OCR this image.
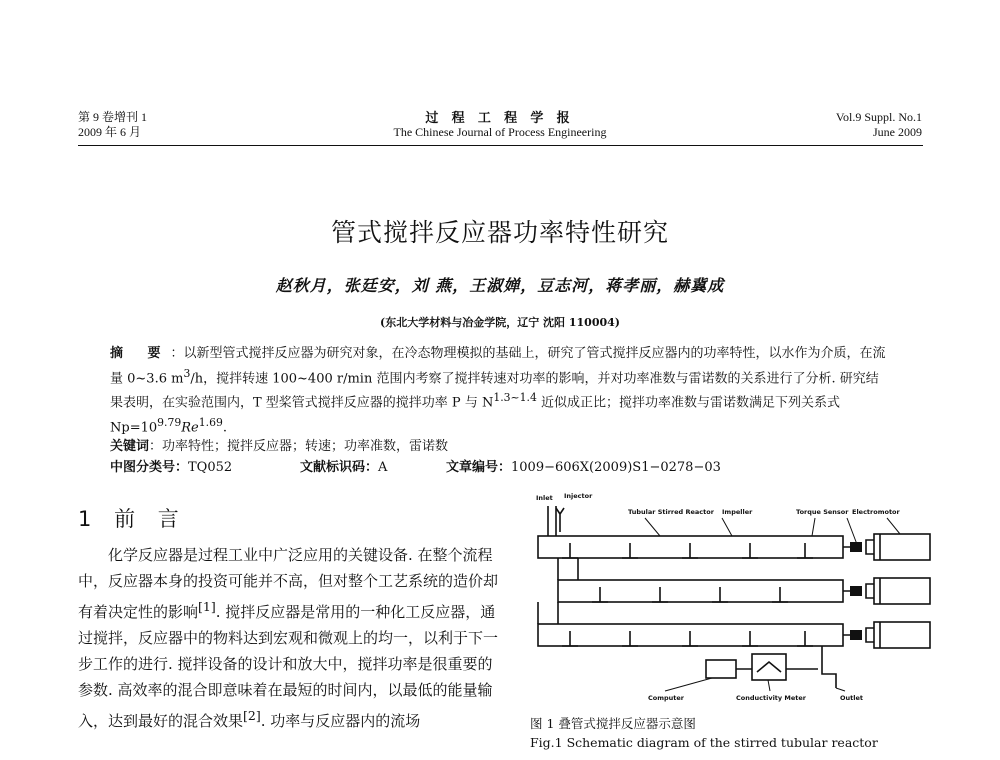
第 9 卷增刊 1
2009 年 6 月
过 程 工 程 学 报
The Chinese Journal of Process Engineering
Vol.9 Suppl. No.1
June 2009
管式搅拌反应器功率特性研究
赵秋月，张廷安，刘 燕，王淑婵，豆志河，蒋孝丽，赫冀成
(东北大学材料与冶金学院，辽宁 沈阳 110004)
摘 要：以新型管式搅拌反应器为研究对象，在冷态物理模拟的基础上，研究了管式搅拌反应器内的功率特性，以水作为介质，在流量 0~3.6 $m^3/h$，搅拌转速 100~400 r/min 范围内考察了搅拌转速对功率的影响，并对功率准数与雷诺数的关系进行了分析. 研究结果表明，在实验范围内，T 型桨管式搅拌反应器的搅拌功率 P 与 $N^{1.3\sim 1.4}$ 近似成正比；搅拌功率准数与雷诺数满足下列关系式 $Np=10^{9.79}Re^{1.69}$.
关键词：功率特性；搅拌反应器；转速；功率准数，雷诺数
中图分类号：TQ052	文献标识码：A	文章编号：1009−606X(2009)S1−0278−03
1 前 言

化学反应器是过程工业中广泛应用的关键设备. 在整个流程中，反应器本身的投资可能并不高，但对整个工艺系统的造价却有着决定性的影响[1]. 搅拌反应器是常用的一种化工反应器，通过搅拌，反应器中的物料达到宏观和微观上的均一，以利于下一步工作的进行. 搅拌设备的设计和放大中，搅拌功率是很重要的参数. 高效率的混合即意味着在最短的时间内，以最低的能量输入，达到最好的混合效果[2]. 功率与反应器内的流场

Inlet Injector
Tubular Stirred Reactor Impeller	Torque Sensor Electromotor
Computer	Conductivity Meter	Outlet
图 1 叠管式搅拌反应器示意图
Fig.1 Schematic diagram of the stirred tubular reactor
